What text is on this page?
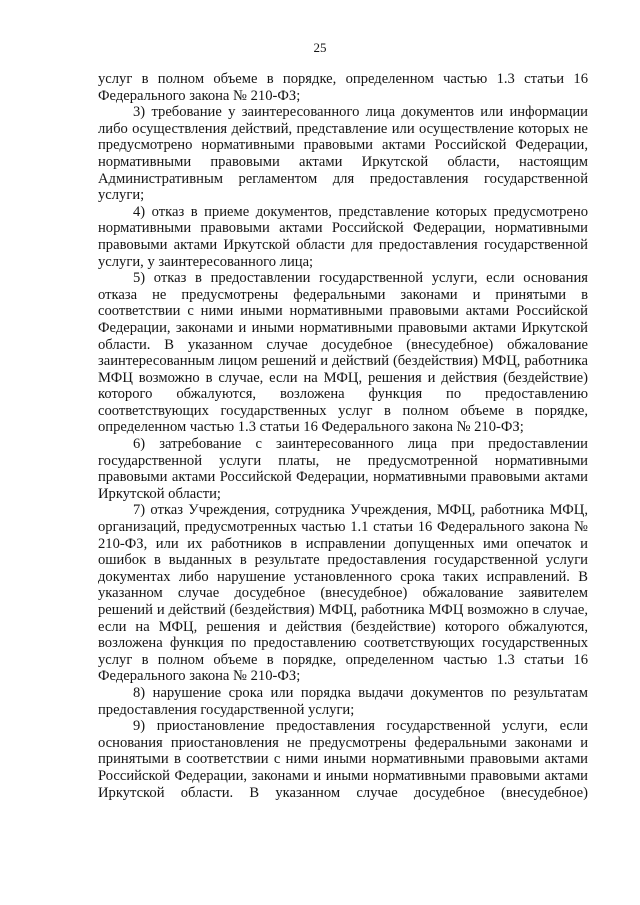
25

услуг в полном объеме в порядке, определенном частью 1.3 статьи 16 Федерального закона № 210-ФЗ;

3) требование у заинтересованного лица документов или информации либо осуществления действий, представление или осуществление которых не предусмотрено нормативными правовыми актами Российской Федерации, нормативными правовыми актами Иркутской области, настоящим Административным регламентом для предоставления государственной услуги;

4) отказ в приеме документов, представление которых предусмотрено нормативными правовыми актами Российской Федерации, нормативными правовыми актами Иркутской области для предоставления государственной услуги, у заинтересованного лица;

5) отказ в предоставлении государственной услуги, если основания отказа не предусмотрены федеральными законами и принятыми в соответствии с ними иными нормативными правовыми актами Российской Федерации, законами и иными нормативными правовыми актами Иркутской области. В указанном случае досудебное (внесудебное) обжалование заинтересованным лицом решений и действий (бездействия) МФЦ, работника МФЦ возможно в случае, если на МФЦ, решения и действия (бездействие) которого обжалуются, возложена функция по предоставлению соответствующих государственных услуг в полном объеме в порядке, определенном частью 1.3 статьи 16 Федерального закона № 210-ФЗ;

6) затребование с заинтересованного лица при предоставлении государственной услуги платы, не предусмотренной нормативными правовыми актами Российской Федерации, нормативными правовыми актами Иркутской области;

7) отказ Учреждения, сотрудника Учреждения, МФЦ, работника МФЦ, организаций, предусмотренных частью 1.1 статьи 16 Федерального закона № 210-ФЗ, или их работников в исправлении допущенных ими опечаток и ошибок в выданных в результате предоставления государственной услуги документах либо нарушение установленного срока таких исправлений. В указанном случае досудебное (внесудебное) обжалование заявителем решений и действий (бездействия) МФЦ, работника МФЦ возможно в случае, если на МФЦ, решения и действия (бездействие) которого обжалуются, возложена функция по предоставлению соответствующих государственных услуг в полном объеме в порядке, определенном частью 1.3 статьи 16 Федерального закона № 210-ФЗ;

8) нарушение срока или порядка выдачи документов по результатам предоставления государственной услуги;

9) приостановление предоставления государственной услуги, если основания приостановления не предусмотрены федеральными законами и принятыми в соответствии с ними иными нормативными правовыми актами Российской Федерации, законами и иными нормативными правовыми актами Иркутской области. В указанном случае досудебное (внесудебное)
